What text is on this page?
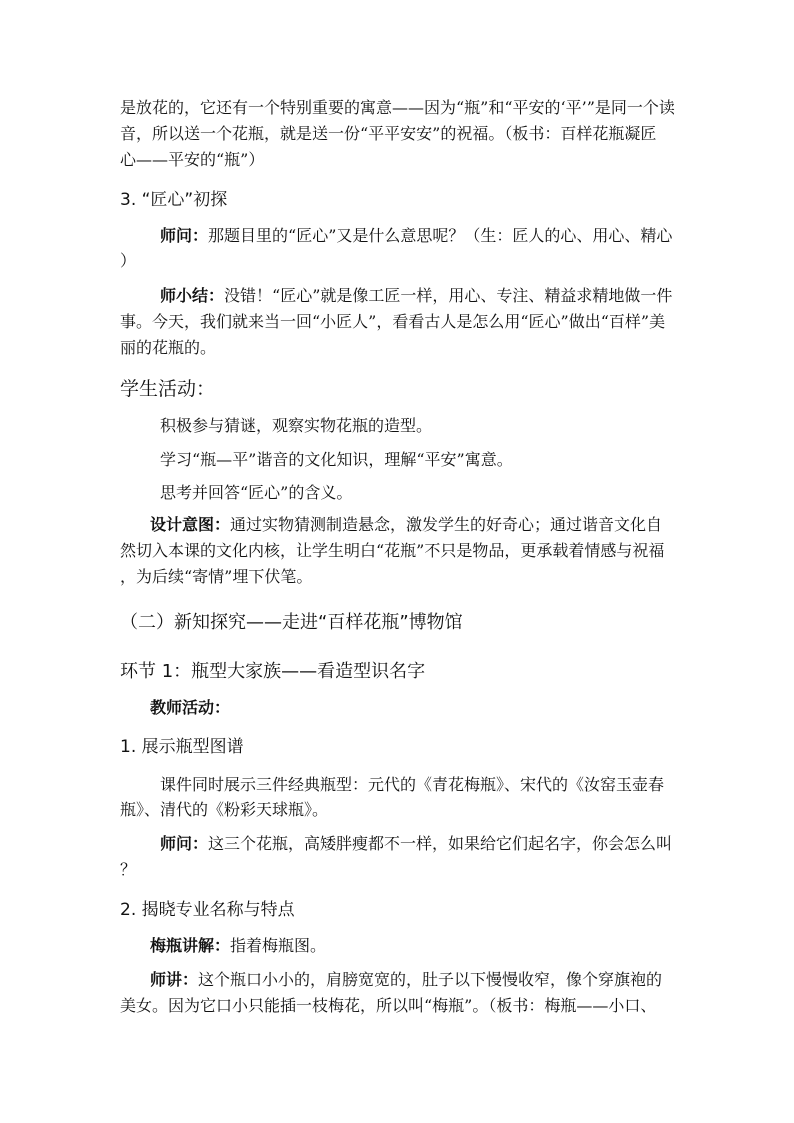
是放花的，它还有一个特别重要的寓意——因为“瓶”和“平安的‘平’”是同一个读
音，所以送一个花瓶，就是送一份“平平安安”的祝福。（板书：百样花瓶凝匠
心——平安的“瓶”）
3. “匠心”初探
师问：那题目里的“匠心”又是什么意思呢？（生：匠人的心、用心、精心
）
师小结：没错！“匠心”就是像工匠一样，用心、专注、精益求精地做一件
事。今天，我们就来当一回“小匠人”，看看古人是怎么用“匠心”做出“百样”美
丽的花瓶的。
学生活动：
积极参与猜谜，观察实物花瓶的造型。
学习“瓶—平”谐音的文化知识，理解“平安”寓意。
思考并回答“匠心”的含义。
设计意图：通过实物猜测制造悬念，激发学生的好奇心；通过谐音文化自
然切入本课的文化内核，让学生明白“花瓶”不只是物品，更承载着情感与祝福
，为后续“寄情”埋下伏笔。
（二）新知探究——走进“百样花瓶”博物馆
环节 1：瓶型大家族——看造型识名字
教师活动：
1. 展示瓶型图谱
课件同时展示三件经典瓶型：元代的《青花梅瓶》、宋代的《汝窑玉壶春
瓶》、清代的《粉彩天球瓶》。
师问：这三个花瓶，高矮胖瘦都不一样，如果给它们起名字，你会怎么叫
？
2. 揭晓专业名称与特点
梅瓶讲解：指着梅瓶图。
师讲：这个瓶口小小的，肩膀宽宽的，肚子以下慢慢收窄，像个穿旗袍的
美女。因为它口小只能插一枝梅花，所以叫“梅瓶”。（板书：梅瓶——小口、
